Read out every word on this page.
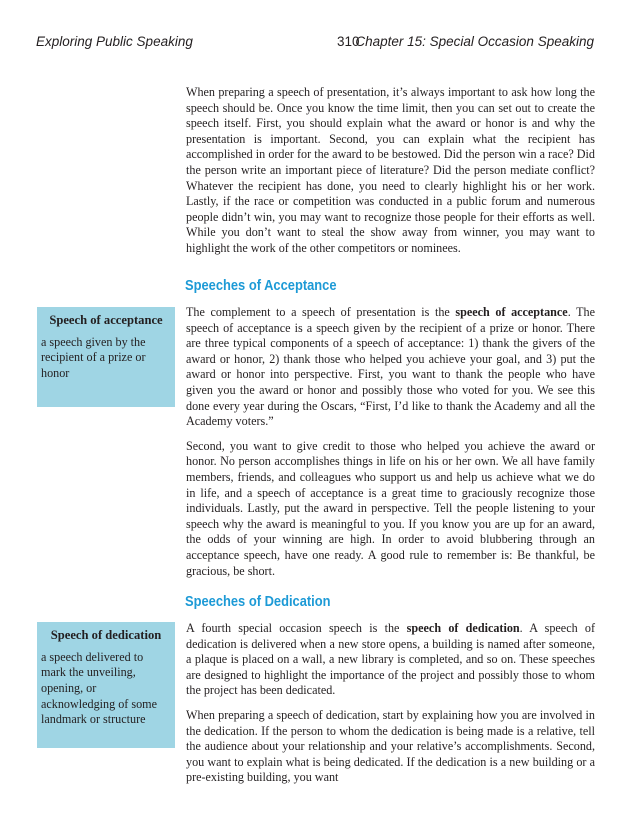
Exploring Public Speaking	310
Chapter 15: Special Occasion Speaking

When preparing a speech of presentation, it’s always important to ask how long the speech should be. Once you know the time limit, then you can set out to create the speech itself. First, you should explain what the award or honor is and why the presentation is important. Second, you can explain what the recipient has accomplished in order for the award to be bestowed. Did the person win a race? Did the person write an important piece of literature? Did the person mediate conflict? Whatever the recipient has done, you need to clearly highlight his or her work. Lastly, if the race or competition was conducted in a public forum and numerous people didn’t win, you may want to recognize those people for their efforts as well. While you don’t want to steal the show away from winner, you may want to highlight the work of the other competitors or nominees.

Speeches of Acceptance
Speech of acceptance

a speech given by the recipient of a prize or honor

The complement to a speech of presentation is the speech of acceptance. The speech of acceptance is a speech given by the recipient of a prize or honor. There are three typical components of a speech of acceptance: 1) thank the givers of the award or honor, 2) thank those who helped you achieve your goal, and 3) put the award or honor into perspective. First, you want to thank the people who have given you the award or honor and possibly those who voted for you. We see this done every year during the Oscars, “First, I’d like to thank the Academy and all the Academy voters.”

Second, you want to give credit to those who helped you achieve the award or honor. No person accomplishes things in life on his or her own. We all have family members, friends, and colleagues who support us and help us achieve what we do in life, and a speech of acceptance is a great time to graciously recognize those individuals. Lastly, put the award in perspective. Tell the people listening to your speech why the award is meaningful to you. If you know you are up for an award, the odds of your winning are high. In order to avoid blubbering through an acceptance speech, have one ready. A good rule to remember is: Be thankful, be gracious, be short.

Speeches of Dedication
Speech of dedication

a speech delivered to mark the unveiling, opening, or acknowledging of some landmark or structure

A fourth special occasion speech is the speech of dedication. A speech of dedication is delivered when a new store opens, a building is named after someone, a plaque is placed on a wall, a new library is completed, and so on. These speeches are designed to highlight the importance of the project and possibly those to whom the project has been dedicated.

When preparing a speech of dedication, start by explaining how you are involved in the dedication. If the person to whom the dedication is being made is a relative, tell the audience about your relationship and your relative’s accomplishments. Second, you want to explain what is being dedicated. If the dedication is a new building or a pre-existing building, you want
